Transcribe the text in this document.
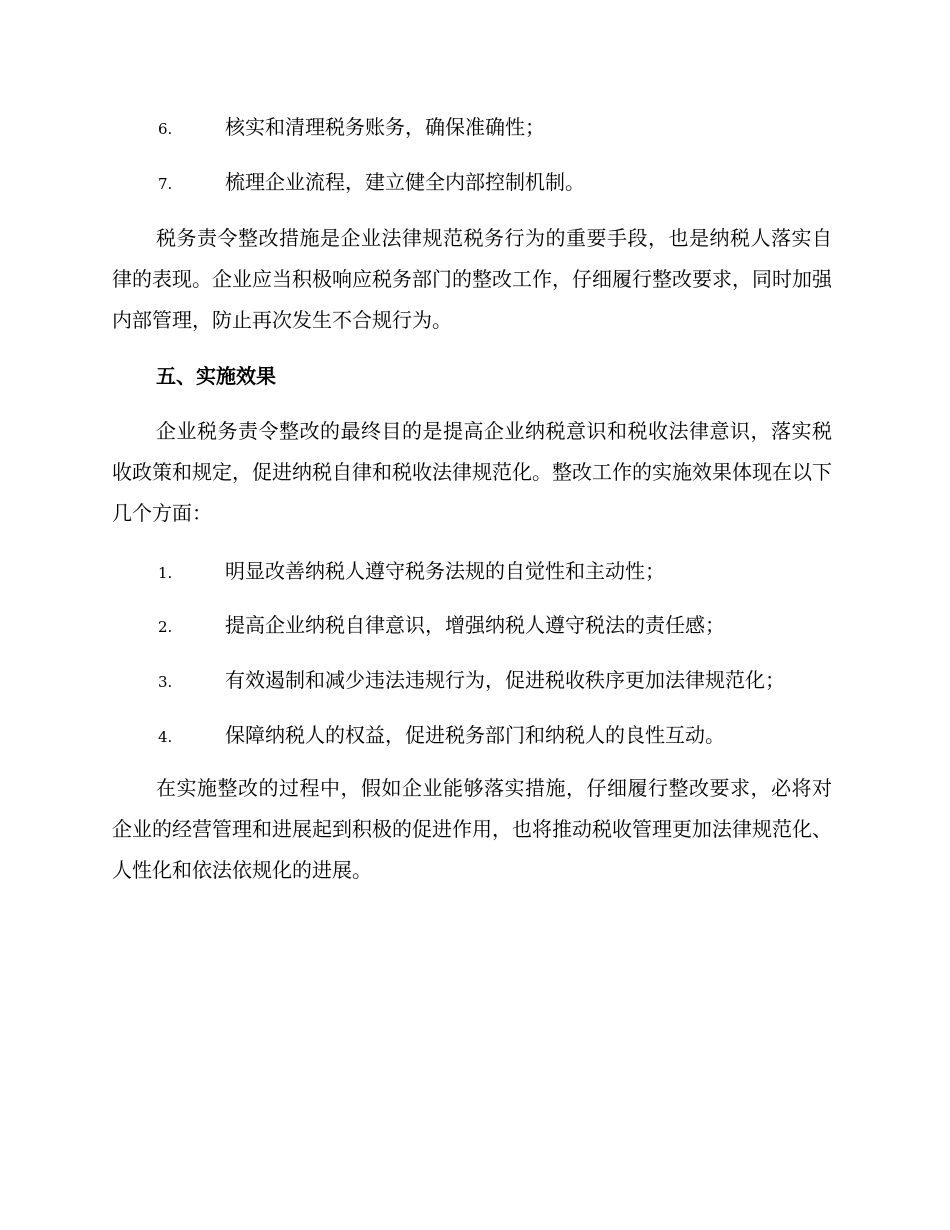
6.	核实和清理税务账务，确保准确性；
7.	梳理企业流程，建立健全内部控制机制。

税务责令整改措施是企业法律规范税务行为的重要手段，也是纳税人落实自律的表现。企业应当积极响应税务部门的整改工作，仔细履行整改要求，同时加强内部管理，防止再次发生不合规行为。

五、实施效果

企业税务责令整改的最终目的是提高企业纳税意识和税收法律意识，落实税收政策和规定，促进纳税自律和税收法律规范化。整改工作的实施效果体现在以下几个方面：

1.	明显改善纳税人遵守税务法规的自觉性和主动性；
2.	提高企业纳税自律意识，增强纳税人遵守税法的责任感；
3.	有效遏制和减少违法违规行为，促进税收秩序更加法律规范化；
4.	保障纳税人的权益，促进税务部门和纳税人的良性互动。

在实施整改的过程中，假如企业能够落实措施，仔细履行整改要求，必将对企业的经营管理和进展起到积极的促进作用，也将推动税收管理更加法律规范化、人性化和依法依规化的进展。
